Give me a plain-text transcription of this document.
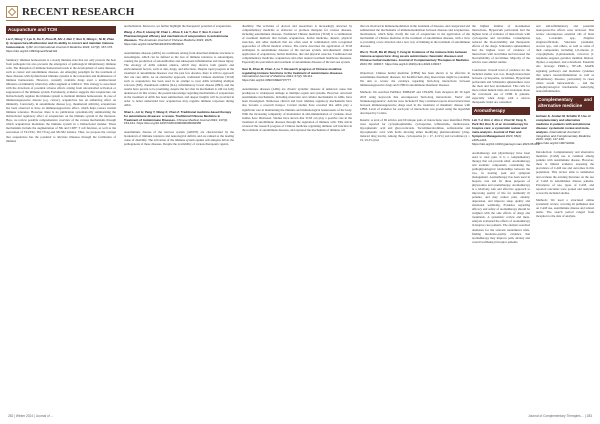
RECENT RESEARCH
Acupuncture and TCM
Liu F, Wang Y, Lyu K, Du X, Zhou M, Shi J, Ren Y, Sun S, Wang L, Ni M, Zhao Q. Acupuncture-Moxibustion and its ability to correct and maintain immune homeostasis. QJM: An International Journal of Medicine 2024; 117(3): 167-176. https://doi.org/10.1093/qjmed/hcad134

Summary: Immune homeostasis is a steady immune state that not only protects the host from pathogens but also prevents the emergence of pathological inflammatory immune cells. The disruption of immune homeostasis leads to the development of some diseases, such as cancer and autoimmune diseases. An emerging paradigm for the treatment of these diseases with dysfunctional immune systems is the restoration and maintenance of immune homeostasis. However, currently available drugs exert a unidirectional influence on immunity when they either augment or inhibit it. This strategy is associated with the drawback of potential adverse effects arising from uncontrolled activation or suppression of the immune system. Fortunately, evidence suggests that acupuncture can bidirectionally regulate the immune system to maintain immune homeostasis. In case of immunosuppressive disease (e.g. cancer), acupuncture has an enhancing effect on immunity. Conversely, in autoimmune disease (e.g. rheumatoid arthritis), acupuncture has been observed to have an immunosuppressive effect, which helps restore normal immune tolerance. However, there is no publication systematically summarizing the bidirectional regulatory effect of acupuncture on the immune system in the literature. Here, we review possible comprehensive overview of the various mechanisms through which acupuncture modulates the immune system in a bidirectional manner. These mechanisms include the augmentation of NK and CD8+ T cell function, as well as the restoration of Th1/Th2, Th17/Treg and M1/M2 balance. Thus, we propose the concept that acupuncture has the potential to alleviate illnesses through the facilitation of immune

normalization. Moreover, we further highlight the therapeutic potential of acupuncture.

Wang J, Zhu X, Huang W, Chen L, Zhou F, Liu Y, Zuo Y, Sun X, Liao X Pharmacological efficacy and mechanism of acupuncture in autoimmune diseases. The American Journal of Chinese Medicine 2023; 2025. https://doi.org/10.1142/S0192415X23500226

Autoimmune diseases (AIDs) are conditions arising from abnormal immune reactions to autoantigens, which can be defined as the loss of immune tolerance to autoantigens, causing the production of autoantibodies and subsequent inflammation and tissue injury. The etiology of AIDs remains elusive, which may involve both genetic and environmental factors, such as diet, drugs, and infections. Despite rapid progress in the treatment of autoimmune diseases over the past few decades, there is still no approach that can cure AIDs. As an alternative approach, traditional Chinese medicine (TCM) such as acupuncture has been used in an attempt to treat AIDs including multiple sclerosis (MS), rheumatoid arthritis (RA), inflammatory bowel disease (IBD), and the results have proven to be promising, despite the fact that its mechanism is still not fully understood. In this review, the present knowledge regarding mechanisms of acupuncture in the treatment of AIDs has been summarized, and deeper insights will be provided in order to better understand how acupuncture may regulate immune responses during AIDs.

Shen L, Lin H, Peng Y, Wang X, Chen Z. Traditional medicine-based therapy for autoimmune diseases: a review. Traditional Chinese Medicine in Treatment of Autoimmune Diseases. Chinese Medical Journal 2024; 137(2): 153-161. https://doi.org/10.1097/CM9.0000000000002956

Autoimmune disease of the nervous system (AIDNS) are characterized by the breakdown of immune tolerance and neurological deficits and are ranked as the leading cause of disability. The activation of the immune system against self-antigens drives the pathogenesis of these diseases. Despite the availability of various therapeutic agents,

disability. The activities of doctors and researchers is increasingly attracted by complementary medicine to elaborate or promote therapies for various diseases, including autoimmune diseases. Traditional Chinese medicine (TCM) is a combination of treatment methods that include acupuncture, herbal medicine, dietetic, physical exercises, and other methods that are often used in combination with recognized approaches of official medical science. The article describes the application of TCM techniques in autoimmune diseases of the nervous system, anti-rheumatic clinical application of acupuncture, herbal medicine, diet and physical exercise. Traditional and complementary medicine, acupuncture and other natural treatment healthcare measures. Especially the prevention and treatment of autoimmune diseases of the nervous system.

Guo R, Zhao M, Chen J, Lu Y. Research progress of Chinese medicine regulating immune functions in the treatment of autoimmune diseases. International Journal of Medicine 2024; 67(2): 99-111. https://doi.org/10.3390/CME0707777

Autoimmune diseases (AIDs) are chronic systemic diseases of unknown cause that predispose to widespread damage to multiple organs and systems. However, structural autoimmune mechanisms, including molecular and cellular mechanisms in AIDs, have been investigated. Numerous clinical and basic immune regulatory mechanisms have also become a research hotspot. Current studies have revealed that AIDs play a significant role in maintaining the immune and immunological homeostasis of the body. With the increasing complexity of modulation in anti-immunization of cytokine, more studies have illustrated. Studies have shown that TCM can play a positive role in the treatment of autoimmune diseases through the regulation of immune cells. This article reviewed the research progress of Chinese medicine regulating immune cell function in the treatment of autoimmune diseases, and explored the mechanism of immune cell

that are involved in immunomodulation in the treatment of diseases, and categorized and summarized the mechanisms of immunomodulation between diseases and acupuncture-moxibustion, which helps clarify the role of acupuncture in the application of the mechanism of Chinese medicine in the treatment of autoimmune diseases, with a view to providing a new direction and a new way of thinking in the treatment of autoimmune diseases.

Wu H, Tin M, Ma W, Wang Y, Feng B. Evidence of the immune links between immune-acupuncture: drug assets autoimmune rheumatic diseases and Chinese herbal medicines. Journal of Complementary Therapies in Medicine 2024; 80: 103017. https://doi.org/10.1016/j.ctim.2024.103017

Objectives: Chinese herbal medicine (CHM) has been shown to be effective in autoimmune rheumatic diseases, but harmful herb-drug interactions might be potential. We aim to review the evidence regarding herb-drug interactions between immunosuppressive drugs and CHM in autoimmune rheumatic diseases.

Methods: We searched PubMed, EMBASE and CINAHL from inception till 30 April 2023 using keywords that encompassed 'herb-drug interactions', 'herbs' and 'immunosuppressive'. Articles were included if they contained reports about interactions between immunosuppressive drugs used in the treatment of rheumatic disease with CHM. Level of evidence for each pair of interactions was graded using the algorithm developed by Colalto.

Results: A total of 69 articles and 69 unique pairs of interactions were identified. HDIs were reported for cyclophosphamide, cyclosporine, leflunomide, methotrexate, mycophenolic acid and glucocorticoids. Tacrolimus/sirolimus, sulfasalazine and mycophenolic acid, with herbs showing either modifying pharmacokinetic (drug-induced drug levels). Among these, cyclosporine (n = 27, 41.9%) and tacrolimus (n = 19, 29.3%) had

the highest number of documented interactions. Hypericum perforatum had the highest level of evidence of interactions with cyclosporine and tacrolimus. Consumption reduced the bioavailability and therapeutic effects of the drugs. Schisandra sphenanthera had the highest level of evidence of interactions with tacrolimus and increased the bioavailability of tacrolimus. Majority of the articles were animal studies.

Conclusion: Overall level of evidence for the included studies was low, though interactions between cyclosporine, tacrolimus, Hypericum perforatum and Schisandra sphenanthera were the most and best documented. This calls for more robust human trials and awareness about the concurrent use of CHM in patients, especially when drugs with a narrow therapeutic index are consumed.

Aromatherapy
Lim Y-J, Kim J, Ahn J, Choi W, Yang S, Park SH, Eun S, et al. Aromatherapy for hospice care: a systematic review and meta-analysis. Journal of Pain and Symptom Management 2023; 66(2): e205-e216. https://doi.org/10.1016/j.jpainsymman.2023.05.012

Aromatherapy and phytotherapy have been used to treat pain. It is a complementary therapy that can provide relief. Aromatherapy and aromatic compounds, considering the pathophysiological relationships between the two, in treating pain and symptom management. Aromatherapy has been used in hospice care and for these purposes of phytosomes and aromatherapy. Aromatherapy is a relatively safe and effective approach to improving quality of life for terminally ill patients, and may reduce pain, anxiety, depression, and improve sleep quality and emotional wellbeing. Evidence regarding efficacy and safety of aromatherapy should be weighed with the side effects of drugs and treatments. A systematic review and meta-analysis evaluated the effects of aromatherapy in hospice care patients. The analysis searched databases for the relevant randomized trials, finding moderate-quality evidence that aromatherapy may improve pain, anxiety and overall wellbeing in hospice patients.

and anti-inflammatory and potential neuroprotective effects were reviewed. This review encompasses essential oils of Ruta spp., Lavandula spp., Zingiber zingiberofficinale, Valeriana jatamansi, Acorus spp., and others, as well as some of their components, including 1,8-cineole, β-caryophyllene, β-pinobanksin, carvacrol, β-terpinene, eugenol, geraniol, menthol, linalool, thymol, α-terpineol, and α-bisabolol. Essential oils leverage PPAR-γ, NF-κB, MAPK signaling pathways and modulate cytokines that reduce neuroinflammation as well as inflammatory diseases, particularly in cases where recent nutraceuticals ... and the pathophysiological mechanisms underlying neuroinflammation.

Complementary and alternative medicine
Holmes S, Jordan M, Schiller P. Use of complementary and alternative medicine in patients with autoimmune disease: systematic review and meta-analysis. International Journal of Integrative and Complementary Medicine 2023; 13(2): 117-129. https://doi.org/10.1007/s0011

Introduction: Complementary and alternative medicine (CAM) use is common among patients with autoimmune disease. However, there is limited evidence assessing the prevalence of CAM use and outcomes in this population. This review aims to summarize and evaluate the existing literature on the use of CAM in autoimmune disease patients. Prevalence of use, types of CAM, and reported outcomes were pooled and analyzed across the included studies.

Methods: We used a structured online systematic review, covering all published data on CAM use, autoimmune disease and related terms. The search period ranged from inception to the date of analysis.

282 | Winter 2024 | Journal of ...	Journal of Complementary Therapies ... | 283
